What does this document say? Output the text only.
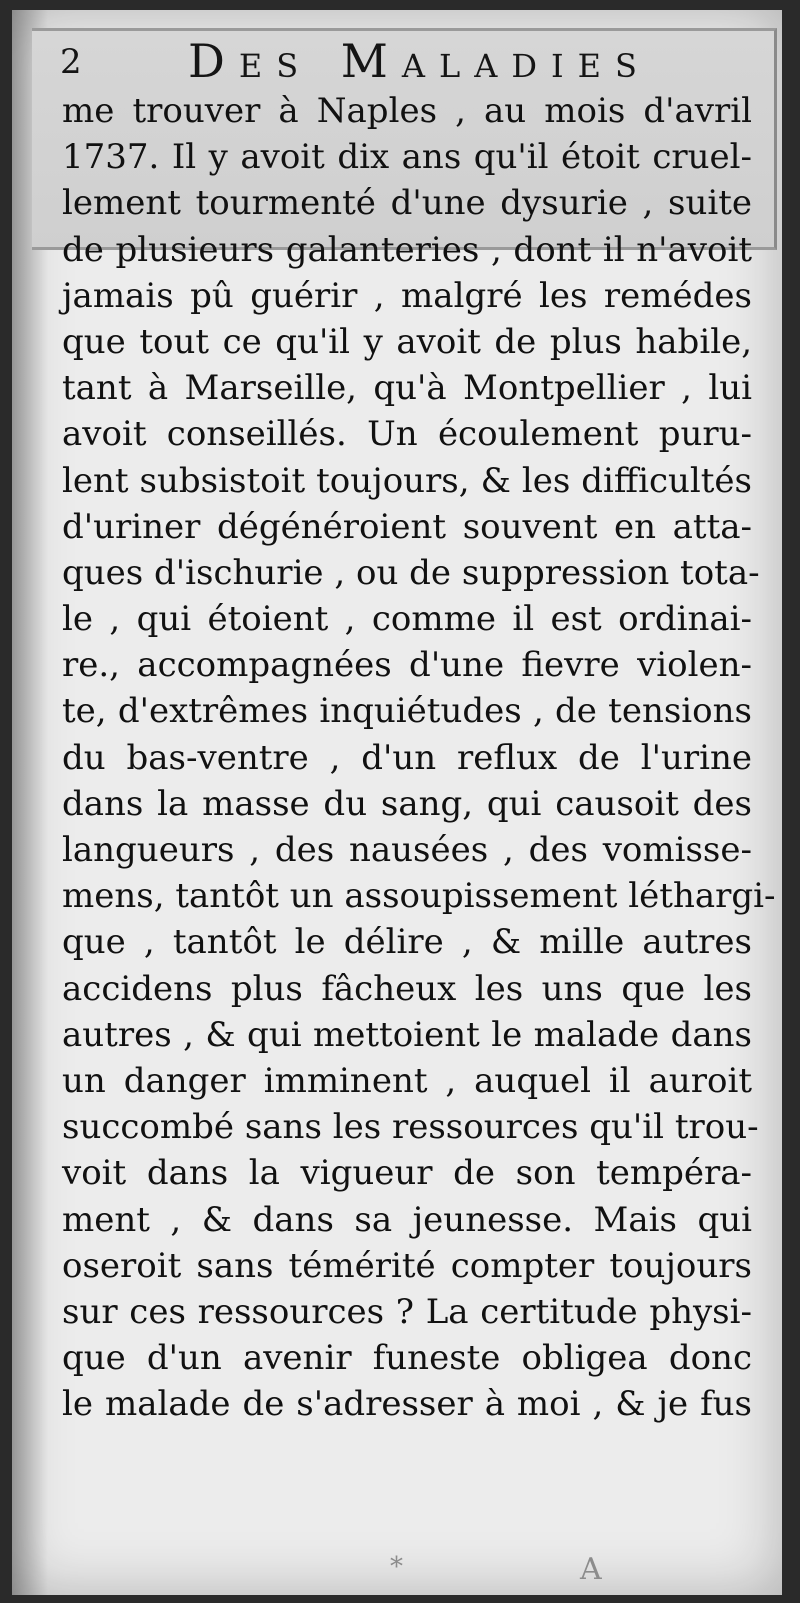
2 Des Maladies
me trouver à Naples , au mois d'avril
1737. Il y avoit dix ans qu'il étoit cruel-
lement tourmenté d'une dysurie , suite
de plusieurs galanteries , dont il n'avoit
jamais pû guérir , malgré les remédes
que tout ce qu'il y avoit de plus habile,
tant à Marseille, qu'à Montpellier , lui
avoit conseillés. Un écoulement puru-
lent subsistoit toujours, & les difficultés
d'uriner dégénéroient souvent en atta-
ques d'ischurie , ou de suppression tota-
le , qui étoient , comme il est ordinai-
re., accompagnées d'une fievre violen-
te, d'extrêmes inquiétudes , de tensions
du bas-ventre , d'un reflux de l'urine
dans la masse du sang, qui causoit des
langueurs , des nausées , des vomisse-
mens, tantôt un assoupissement léthargi-
que , tantôt le délire , & mille autres
accidens plus fâcheux les uns que les
autres , & qui mettoient le malade dans
un danger imminent , auquel il auroit
succombé sans les ressources qu'il trou-
voit dans la vigueur de son tempéra-
ment , & dans sa jeunesse. Mais qui
oseroit sans témérité compter toujours
sur ces ressources ? La certitude physi-
que d'un avenir funeste obligea donc
le malade de s'adresser à moi , & je fus
*	A
